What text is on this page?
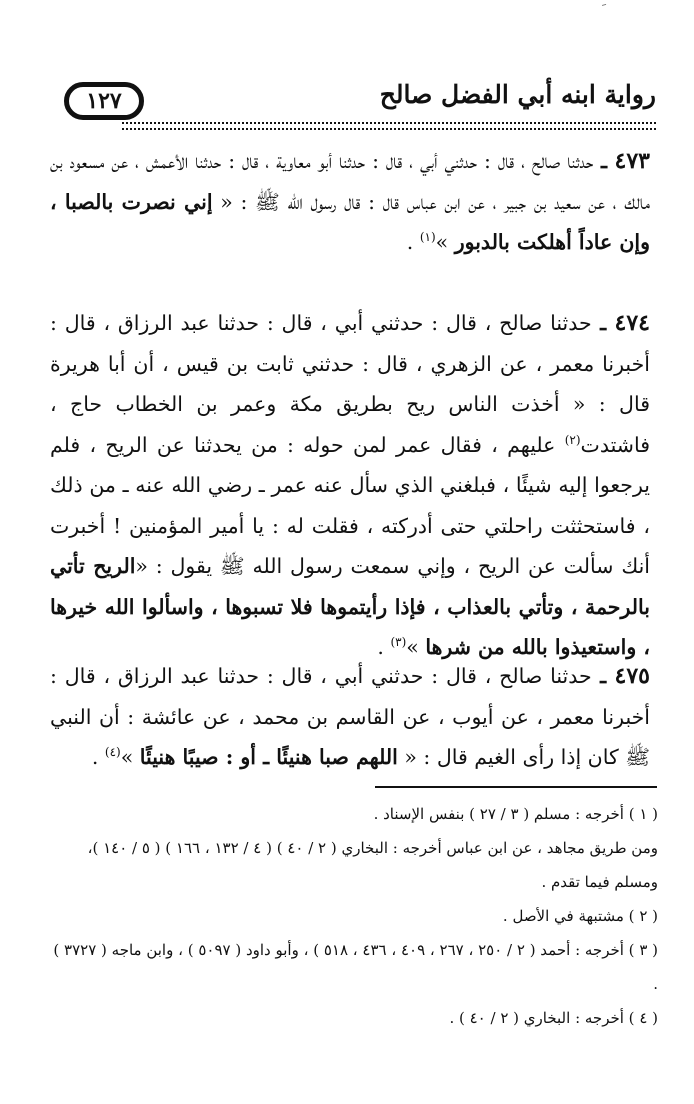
ﹶ
رواية ابنه أبي الفضل صالح
١٢٧
٤٧٣ ـ حدثنا صالح ، قال : حدثني أبي ، قال : حدثنا أبو معاوية ، قال : حدثنا الأعمش ، عن مسعود بن مالك ، عن سعيد بن جبير ، عن ابن عباس قال : قال رسول الله ﷺ : « إني نصرت بالصبا ، وإن عاداً أهلكت بالدبور »$^{(١)}$ .
٤٧٤ ـ حدثنا صالح ، قال : حدثني أبي ، قال : حدثنا عبد الرزاق ، قال : أخبرنا معمر ، عن الزهري ، قال : حدثني ثابت بن قيس ، أن أبا هريرة قال : « أخذت الناس ريح بطريق مكة وعمر بن الخطاب حاج ، فاشتدت$^{(٢)}$ عليهم ، فقال عمر لمن حوله : من يحدثنا عن الريح ، فلم يرجعوا إليه شيئًا ، فبلغني الذي سأل عنه عمر ـ رضي الله عنه ـ من ذلك ، فاستحثثت راحلتي حتى أدركته ، فقلت له : يا أمير المؤمنين ! أخبرت أنك سألت عن الريح ، وإني سمعت رسول الله ﷺ يقول : «الريح تأتي بالرحمة ، وتأتي بالعذاب ، فإذا رأيتموها فلا تسبوها ، واسألوا الله خيرها ، واستعيذوا بالله من شرها »$^{(٣)}$ .
٤٧٥ ـ حدثنا صالح ، قال : حدثني أبي ، قال : حدثنا عبد الرزاق ، قال : أخبرنا معمر ، عن أيوب ، عن القاسم بن محمد ، عن عائشة : أن النبي ﷺ كان إذا رأى الغيم قال : « اللهم صبا هنيئًا ـ أو : صيبًا هنيئًا »$^{(٤)}$ .

( ١ ) أخرجه : مسلم ( ٣ / ٢٧ ) بنفس الإسناد .

ومن طريق مجاهد ، عن ابن عباس أخرجه : البخاري ( ٢ / ٤٠ ) ( ٤ / ١٣٢ ، ١٦٦ ) ( ٥ / ١٤٠ )،

ومسلم فيما تقدم .

( ٢ ) مشتبهة في الأصل .

( ٣ ) أخرجه : أحمد ( ٢ / ٢٥٠ ، ٢٦٧ ، ٤٠٩ ، ٤٣٦ ، ٥١٨ ) ، وأبو داود ( ٥٠٩٧ ) ، وابن ماجه ( ٣٧٢٧ ) .

( ٤ ) أخرجه : البخاري ( ٢ / ٤٠ ) .
